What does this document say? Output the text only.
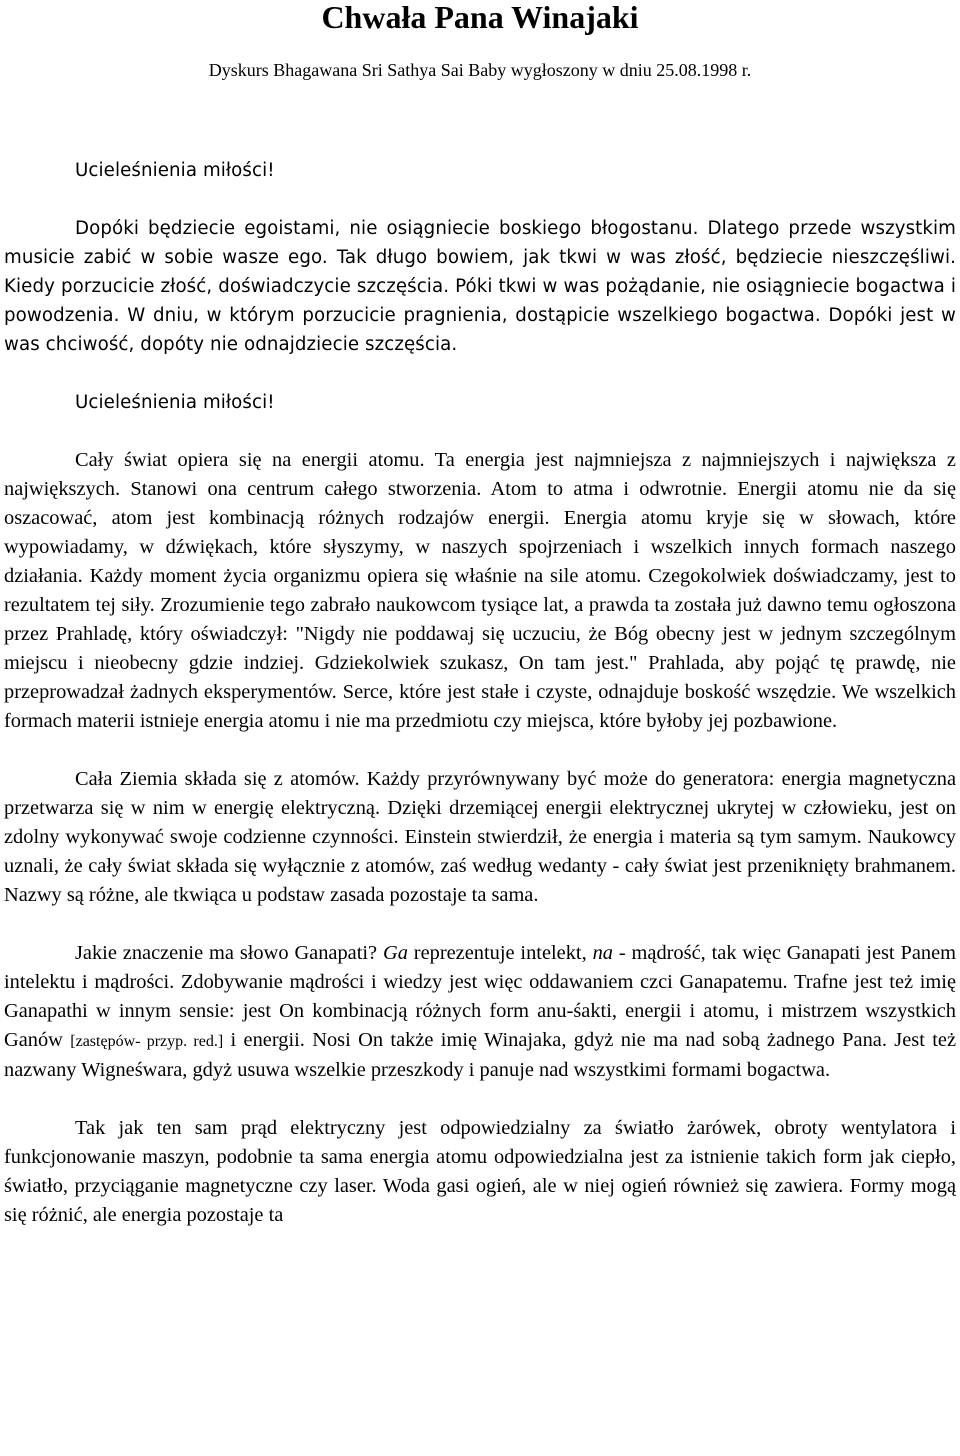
Chwała Pana Winajaki
Dyskurs Bhagawana Sri Sathya Sai Baby wygłoszony w dniu 25.08.1998 r.

Ucieleśnienia miłości!

Dopóki będziecie egoistami, nie osiągniecie boskiego błogostanu. Dlatego przede wszystkim musicie zabić w sobie wasze ego. Tak długo bowiem, jak tkwi w was złość, będziecie nieszczęśliwi. Kiedy porzucicie złość, doświadczycie szczęścia. Póki tkwi w was pożądanie, nie osiągniecie bogactwa i powodzenia. W dniu, w którym porzucicie pragnienia, dostąpicie wszelkiego bogactwa. Dopóki jest w was chciwość, dopóty nie odnajdziecie szczęścia.

Ucieleśnienia miłości!

Cały świat opiera się na energii atomu. Ta energia jest najmniejsza z najmniejszych i największa z największych. Stanowi ona centrum całego stworzenia. Atom to atma i odwrotnie. Energii atomu nie da się oszacować, atom jest kombinacją różnych rodzajów energii. Energia atomu kryje się w słowach, które wypowiadamy, w dźwiękach, które słyszymy, w naszych spojrzeniach i wszelkich innych formach naszego działania. Każdy moment życia organizmu opiera się właśnie na sile atomu. Czegokolwiek doświadczamy, jest to rezultatem tej siły. Zrozumienie tego zabrało naukowcom tysiące lat, a prawda ta została już dawno temu ogłoszona przez Prahladę, który oświadczył: "Nigdy nie poddawaj się uczuciu, że Bóg obecny jest w jednym szczególnym miejscu i nieobecny gdzie indziej. Gdziekolwiek szukasz, On tam jest." Prahlada, aby pojąć tę prawdę, nie przeprowadzał żadnych eksperymentów. Serce, które jest stałe i czyste, odnajduje boskość wszędzie. We wszelkich formach materii istnieje energia atomu i nie ma przedmiotu czy miejsca, które byłoby jej pozbawione.

Cała Ziemia składa się z atomów. Każdy przyrównywany być może do generatora: energia magnetyczna przetwarza się w nim w energię elektryczną. Dzięki drzemiącej energii elektrycznej ukrytej w człowieku, jest on zdolny wykonywać swoje codzienne czynności. Einstein stwierdził, że energia i materia są tym samym. Naukowcy uznali, że cały świat składa się wyłącznie z atomów, zaś według wedanty - cały świat jest przeniknięty brahmanem. Nazwy są różne, ale tkwiąca u podstaw zasada pozostaje ta sama.

Jakie znaczenie ma słowo Ganapati? Ga reprezentuje intelekt, na - mądrość, tak więc Ganapati jest Panem intelektu i mądrości. Zdobywanie mądrości i wiedzy jest więc oddawaniem czci Ganapatemu. Trafne jest też imię Ganapathi w innym sensie: jest On kombinacją różnych form anu-śakti, energii i atomu, i mistrzem wszystkich Ganów [zastępów- przyp. red.] i energii. Nosi On także imię Winajaka, gdyż nie ma nad sobą żadnego Pana. Jest też nazwany Wigneśwara, gdyż usuwa wszelkie przeszkody i panuje nad wszystkimi formami bogactwa.

Tak jak ten sam prąd elektryczny jest odpowiedzialny za światło żarówek, obroty wentylatora i funkcjonowanie maszyn, podobnie ta sama energia atomu odpowiedzialna jest za istnienie takich form jak ciepło, światło, przyciąganie magnetyczne czy laser. Woda gasi ogień, ale w niej ogień również się zawiera. Formy mogą się różnić, ale energia pozostaje ta
